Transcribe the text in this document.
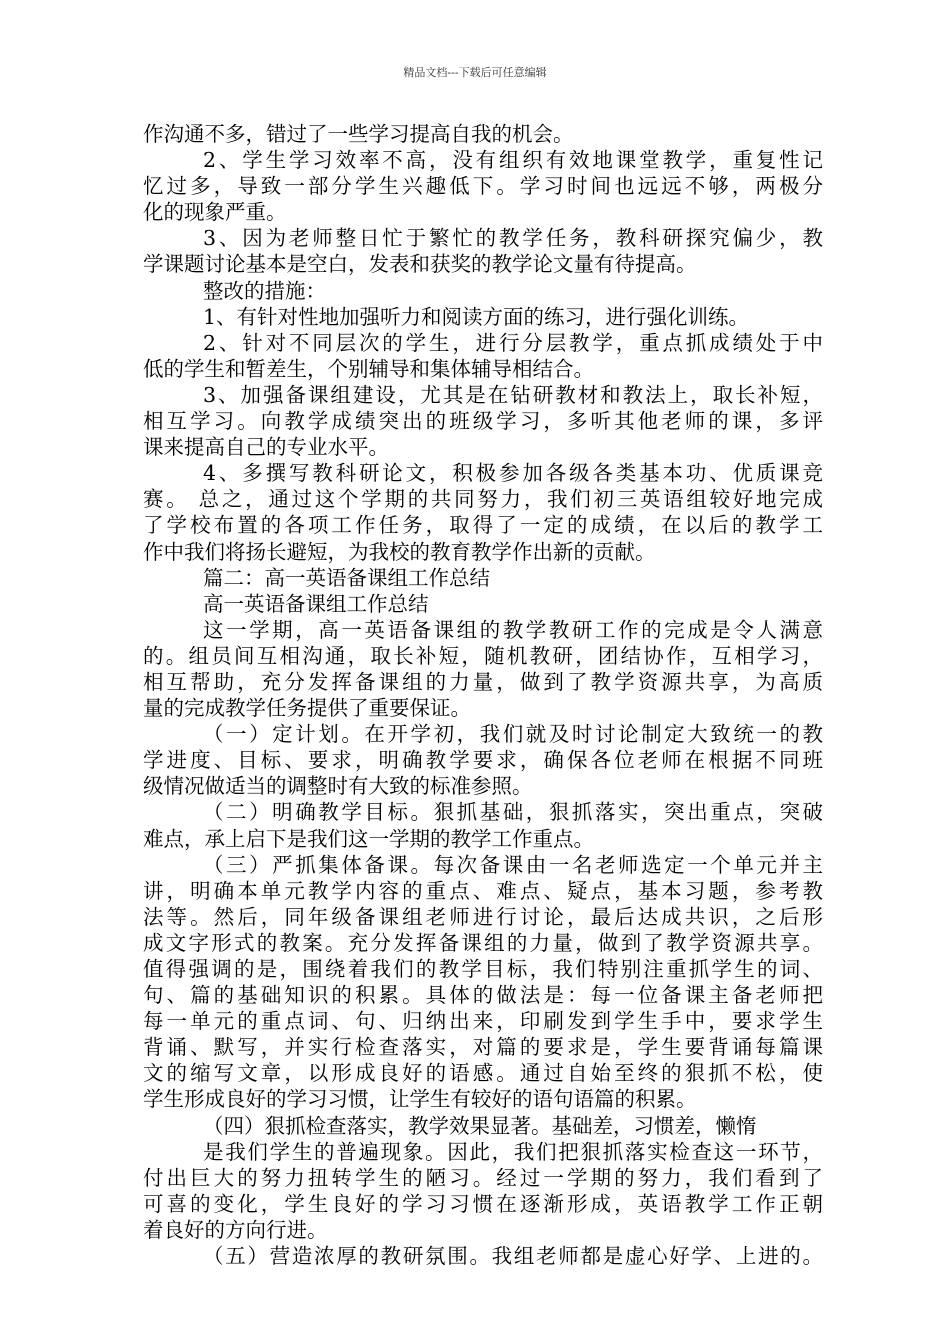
精品文档---下载后可任意编辑
作沟通不多，错过了一些学习提高自我的机会。
2、学生学习效率不高，没有组织有效地课堂教学，重复性记
忆过多，导致一部分学生兴趣低下。学习时间也远远不够，两极分
化的现象严重。
3、因为老师整日忙于繁忙的教学任务，教科研探究偏少，教
学课题讨论基本是空白，发表和获奖的教学论文量有待提高。
整改的措施：
1、有针对性地加强听力和阅读方面的练习，进行强化训练。
2、针对不同层次的学生，进行分层教学，重点抓成绩处于中
低的学生和暂差生，个别辅导和集体辅导相结合。
3、加强备课组建设，尤其是在钻研教材和教法上，取长补短，
相互学习。向教学成绩突出的班级学习，多听其他老师的课，多评
课来提高自己的专业水平。
4、多撰写教科研论文，积极参加各级各类基本功、优质课竞
赛。 总之，通过这个学期的共同努力，我们初三英语组较好地完成
了学校布置的各项工作任务，取得了一定的成绩，在以后的教学工
作中我们将扬长避短，为我校的教育教学作出新的贡献。
篇二：高一英语备课组工作总结
高一英语备课组工作总结
这一学期，高一英语备课组的教学教研工作的完成是令人满意
的。组员间互相沟通，取长补短，随机教研，团结协作，互相学习，
相互帮助，充分发挥备课组的力量，做到了教学资源共享，为高质
量的完成教学任务提供了重要保证。
（一）定计划。在开学初，我们就及时讨论制定大致统一的教
学进度、目标、要求，明确教学要求，确保各位老师在根据不同班
级情况做适当的调整时有大致的标准参照。
（二）明确教学目标。狠抓基础，狠抓落实，突出重点，突破
难点，承上启下是我们这一学期的教学工作重点。
（三）严抓集体备课。每次备课由一名老师选定一个单元并主
讲，明确本单元教学内容的重点、难点、疑点，基本习题，参考教
法等。然后，同年级备课组老师进行讨论，最后达成共识，之后形
成文字形式的教案。充分发挥备课组的力量，做到了教学资源共享。
值得强调的是，围绕着我们的教学目标，我们特别注重抓学生的词、
句、篇的基础知识的积累。具体的做法是：每一位备课主备老师把
每一单元的重点词、句、归纳出来，印刷发到学生手中，要求学生
背诵、默写，并实行检查落实，对篇的要求是，学生要背诵每篇课
文的缩写文章，以形成良好的语感。通过自始至终的狠抓不松，使
学生形成良好的学习习惯，让学生有较好的语句语篇的积累。
（四）狠抓检查落实，教学效果显著。基础差，习惯差，懒惰
是我们学生的普遍现象。因此，我们把狠抓落实检查这一环节，
付出巨大的努力扭转学生的陋习。经过一学期的努力，我们看到了
可喜的变化，学生良好的学习习惯在逐渐形成，英语教学工作正朝
着良好的方向行进。
（五）营造浓厚的教研氛围。我组老师都是虚心好学、上进的。
